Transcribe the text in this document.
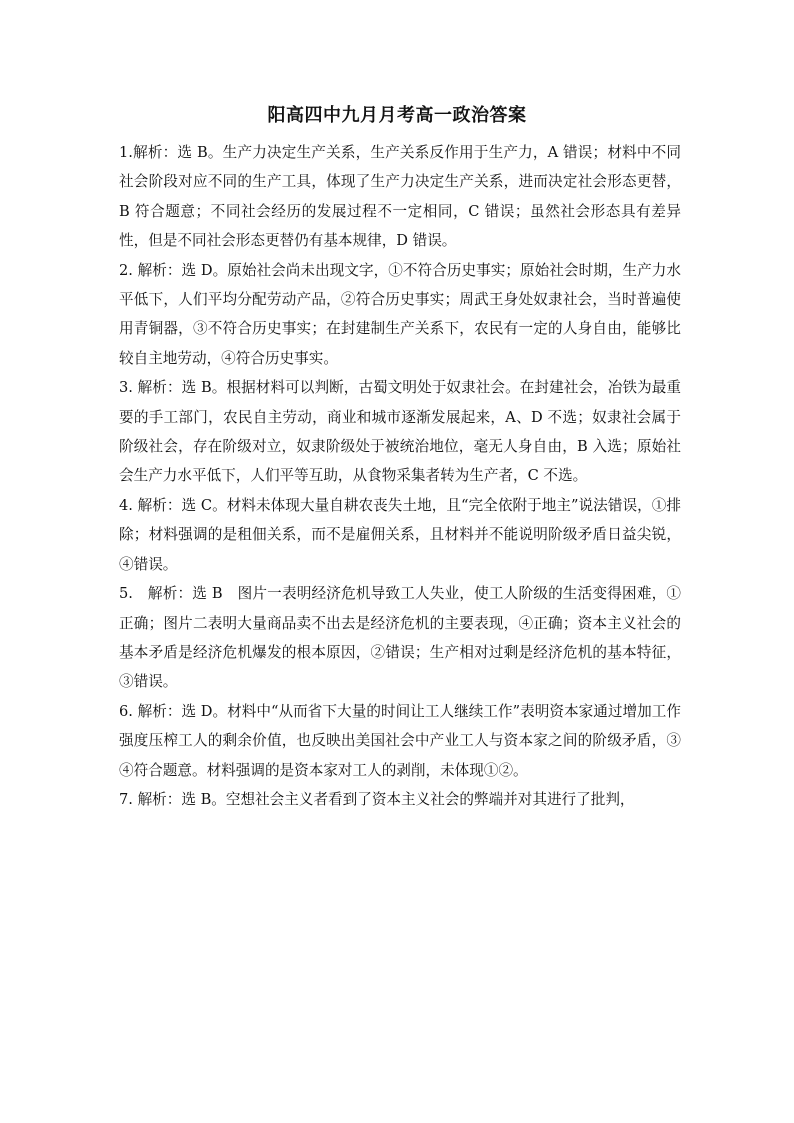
阳高四中九月月考高一政治答案

1.解析：选 B。生产力决定生产关系，生产关系反作用于生产力，A 错误；材料中不同社会阶段对应不同的生产工具，体现了生产力决定生产关系，进而决定社会形态更替，B 符合题意；不同社会经历的发展过程不一定相同，C 错误；虽然社会形态具有差异性，但是不同社会形态更替仍有基本规律，D 错误。

2. 解析：选 D。原始社会尚未出现文字，①不符合历史事实；原始社会时期，生产力水平低下，人们平均分配劳动产品，②符合历史事实；周武王身处奴隶社会，当时普遍使用青铜器，③不符合历史事实；在封建制生产关系下，农民有一定的人身自由，能够比较自主地劳动，④符合历史事实。

3. 解析：选 B。根据材料可以判断，古蜀文明处于奴隶社会。在封建社会，冶铁为最重要的手工部门，农民自主劳动，商业和城市逐渐发展起来，A、D 不选；奴隶社会属于阶级社会，存在阶级对立，奴隶阶级处于被统治地位，毫无人身自由，B 入选；原始社会生产力水平低下，人们平等互助，从食物采集者转为生产者，C 不选。

4. 解析：选 C。材料未体现大量自耕农丧失土地，且“完全依附于地主”说法错误，①排除；材料强调的是租佃关系，而不是雇佣关系，且材料并不能说明阶级矛盾日益尖锐，④错误。

5.　解析：选 B　图片一表明经济危机导致工人失业，使工人阶级的生活变得困难，①正确；图片二表明大量商品卖不出去是经济危机的主要表现，④正确；资本主义社会的基本矛盾是经济危机爆发的根本原因，②错误；生产相对过剩是经济危机的基本特征，③错误。

6. 解析：选 D。材料中“从而省下大量的时间让工人继续工作”表明资本家通过增加工作强度压榨工人的剩余价值，也反映出美国社会中产业工人与资本家之间的阶级矛盾，③④符合题意。材料强调的是资本家对工人的剥削，未体现①②。

7. 解析：选 B。空想社会主义者看到了资本主义社会的弊端并对其进行了批判，
